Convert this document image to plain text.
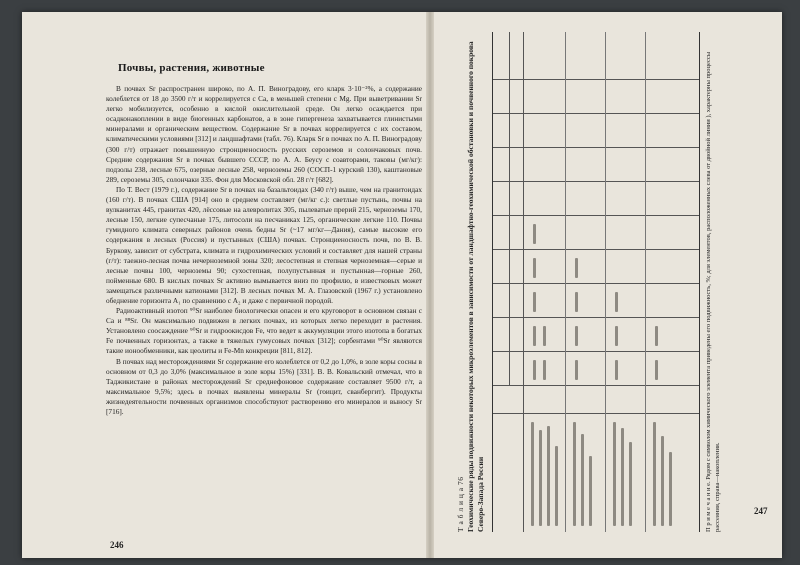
Почвы, растения, животные

В почвах Sr распространен широко, по А. П. Виноградову, его кларк 3·10⁻²%, а содержание колеблется от 18 до 3500 г/т и коррелируется с Са, в меньшей степени с Mg. При выветривании Sr легко мобилизуется, особенно в кислой окислительной среде. Он легко осаждается при осадконакоплении в виде биогенных карбонатов, а в зоне гипергенеза захватывается глинистыми минералами и органическим веществом. Содержание Sr в почвах коррелируется с их составом, климатическими условиями [312] и ландшафтами (табл. 76). Кларк Sr в почвах по А. П. Виноградову (300 г/т) отражает повышенную стронциеносность русских сероземов и солончаковых почв. Средние содержания Sr в почвах бывшего СССР, по А. А. Беусу с соавторами, таковы (мг/кг): подзолы 238, лесные 675, озерные лесные 258, черноземы 260 (СОСП-1 курский 130), каштановые 289, сероземы 305, солончаки 335. Фон для Московской обл. 28 г/т [682].

По Т. Вест (1979 г.), содержание Sr в почвах на базальтоидах (340 г/т) выше, чем на гранитоидах (160 г/т). В почвах США [914] оно в среднем составляет (мг/кг с.): светлые пустынь, почвы на вулканитах 445, гранитах 420, лёссовые на алевролитах 305, пылеватые прерий 215, черноземы 170, лесные 150, легкие супесчаные 175, литосоли на песчаниках 125, органические легкие 110. Почвы гумидного климата северных районов очень бедны Sr (~17 мг/кг—Дания), самые высокие его содержания в лесных (Россия) и пустынных (США) почвах. Стронциеносность почв, по В. В. Буркову, зависит от субстрата, климата и гидрохимических условий и составляет для нашей страны (г/т): таежно-лесная почва нечерноземной зоны 320; лесостепная и степная черноземная—серые и лесные почвы 100, черноземы 90; сухостепная, полупустынная и пустынная—горные 260, пойменные 680. В кислых почвах Sr активно вымывается вниз по профилю, в известковых может замещаться различными катионами [312]. В лесных почвах М. А. Глазовской (1967 г.) установлено обеднение горизонта A₁ по сравнению с A₂ и даже с первичной породой.

Радиоактивный изотоп ⁹⁰Sr наиболее биологически опасен и его круговорот в основном связан с Са и ⁸⁸Sr. Он максимально подвижен в легких почвах, из которых легко переходит в растения. Установлено соосаждение ⁹⁰Sr и гидроокисдов Fe, что ведет к аккумуляции этого изотопа в богатых Fe почвенных горизонтах, а также в тяжелых гумусовых почвах [312]; сорбентами ⁹⁰Sr являются такие ионообменники, как цеолиты и Fe-Mn конкреции [811, 812].

В почвах над месторождениями Sr содержание его колеблется от 0,2 до 1,0%, в золе коры сосны в основном от 0,3 до 3,0% (максимальное в золе коры 15%) [331]. В. В. Ковальский отмечал, что в Таджикистане в районах месторождений Sr среднефоновое содержание составляет 9500 г/т, а максимальное 9,5%; здесь в почвах выявлены минералы Sr (гоицит, сванбергит). Продукты жизнедеятельности почвенных организмов способствуют растворению его минералов и выносу Sr [716].

246
Т а б л и ц а 76 Геохимические ряды подвижности некоторых микроэлементов в зависимости от ландшафтно-геохимической обстановки и почвенного покрова Северо-Запада России	П р и м е ч а н и е. Рядом с символом химического элемента приведены его подвижность, %; для элементов, расположенных слева от двойной линии ), характерны процессы рассеяния, справа—накопления.	247
